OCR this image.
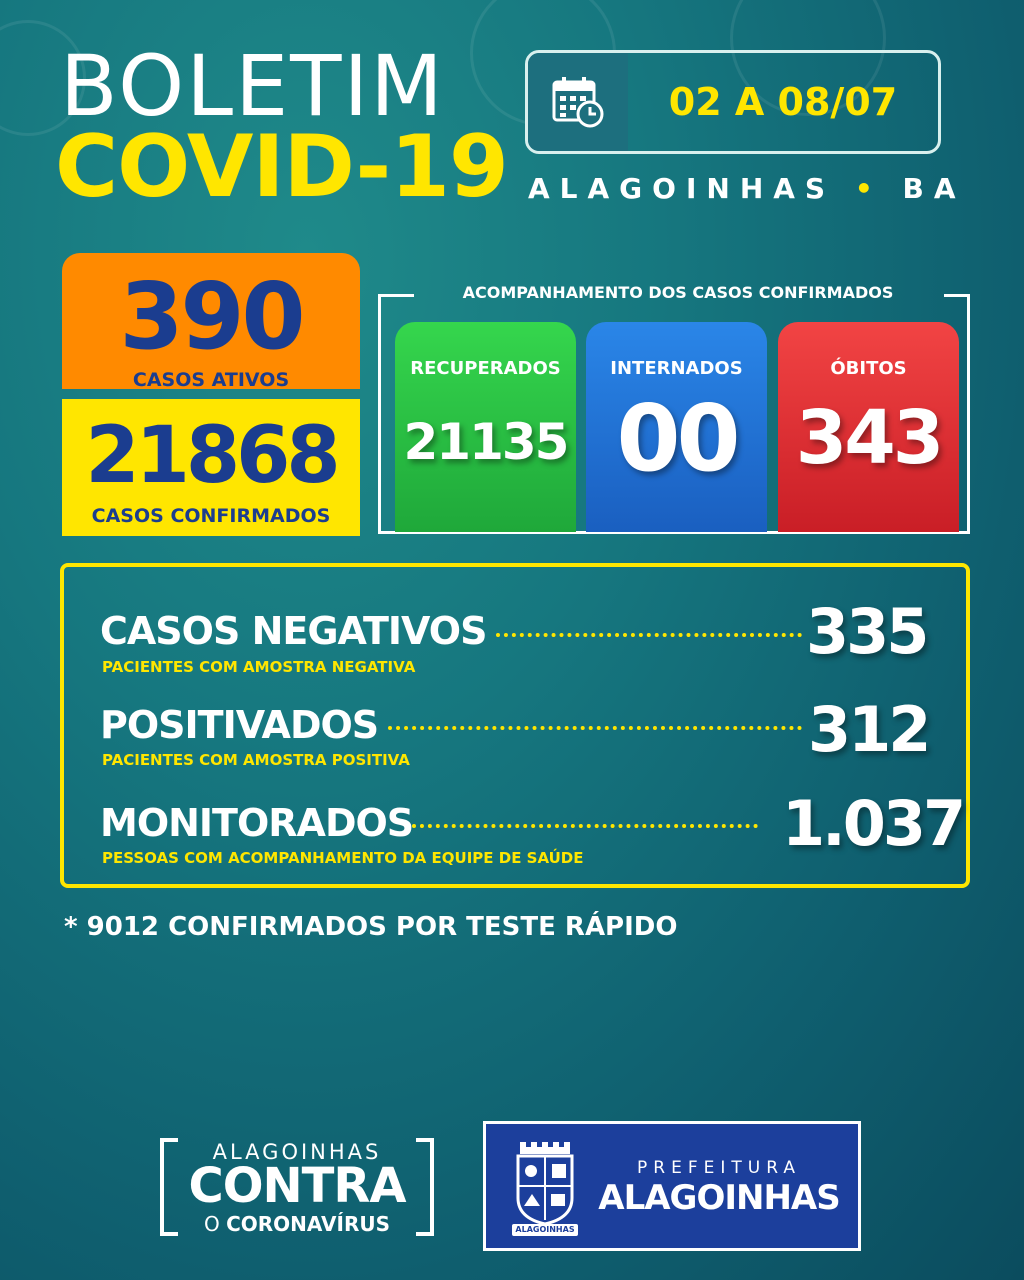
BOLETIM
COVID-19
02 A 08/07
ALAGOINHAS • BA
390
CASOS ATIVOS
21868
CASOS CONFIRMADOS
ACOMPANHAMENTO DOS CASOS CONFIRMADOS
RECUPERADOS
21135
INTERNADOS
00
ÓBITOS
343
CASOS NEGATIVOS	335
PACIENTES COM AMOSTRA NEGATIVA
POSITIVADOS	312
PACIENTES COM AMOSTRA POSITIVA
MONITORADOS	1.037
PESSOAS COM ACOMPANHAMENTO DA EQUIPE DE SAÚDE
* 9012 CONFIRMADOS POR TESTE RÁPIDO
ALAGOINHAS
CONTRA
O CORONAVÍRUS	ALAGOINHAS
PREFEITURA
ALAGOINHAS
